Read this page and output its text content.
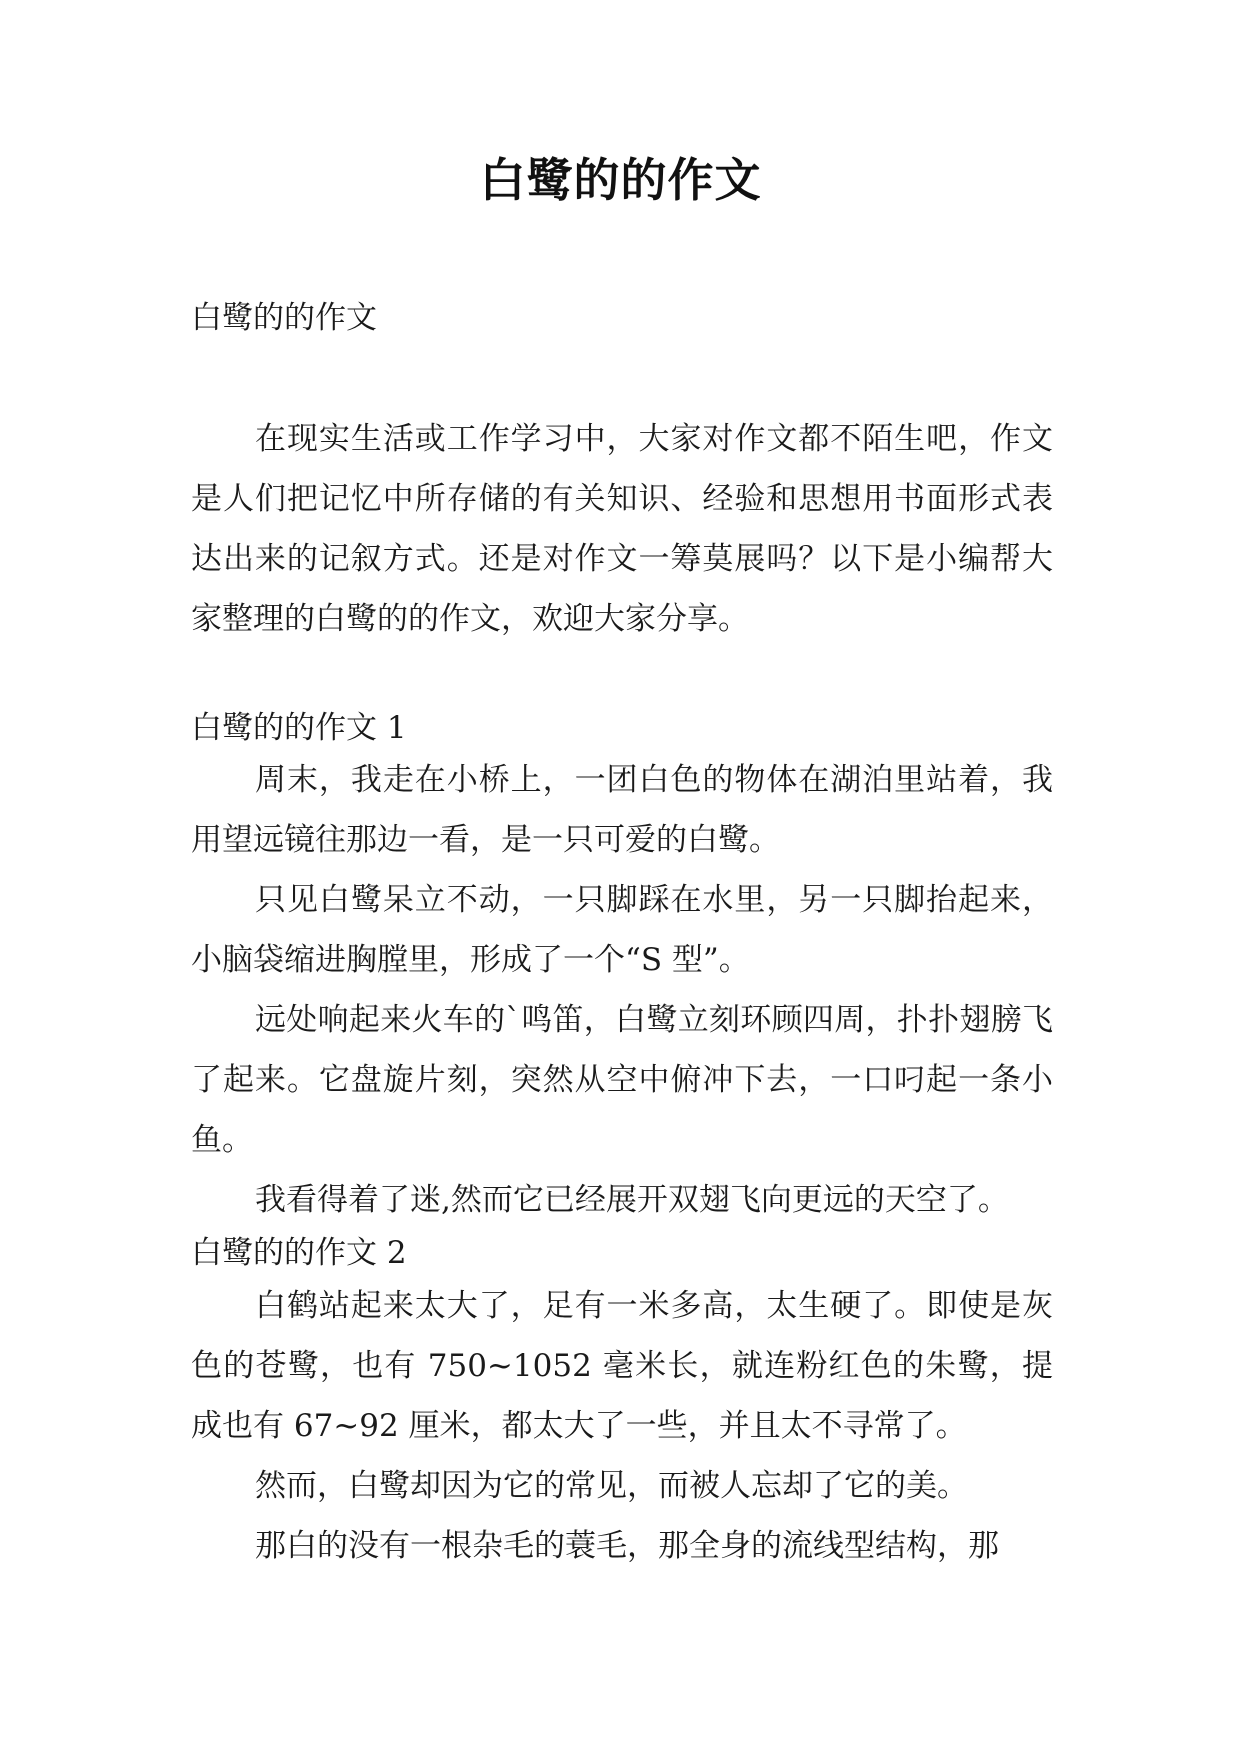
白鹭的的作文
白鹭的的作文

在现实生活或工作学习中，大家对作文都不陌生吧，作文是人们把记忆中所存储的有关知识、经验和思想用书面形式表达出来的记叙方式。还是对作文一筹莫展吗？以下是小编帮大家整理的白鹭的的作文，欢迎大家分享。

白鹭的的作文 1

周末，我走在小桥上，一团白色的物体在湖泊里站着，我用望远镜往那边一看，是一只可爱的白鹭。

只见白鹭呆立不动，一只脚踩在水里，另一只脚抬起来，小脑袋缩进胸膛里，形成了一个“S 型”。

远处响起来火车的`鸣笛，白鹭立刻环顾四周，扑扑翅膀飞了起来。它盘旋片刻，突然从空中俯冲下去，一口叼起一条小鱼。

我看得着了迷,然而它已经展开双翅飞向更远的天空了。

白鹭的的作文 2

白鹤站起来太大了，足有一米多高，太生硬了。即使是灰色的苍鹭，也有 750~1052 毫米长，就连粉红色的朱鹭，提成也有 67~92 厘米，都太大了一些，并且太不寻常了。

然而，白鹭却因为它的常见，而被人忘却了它的美。

那白的没有一根杂毛的蓑毛，那全身的流线型结构，那
